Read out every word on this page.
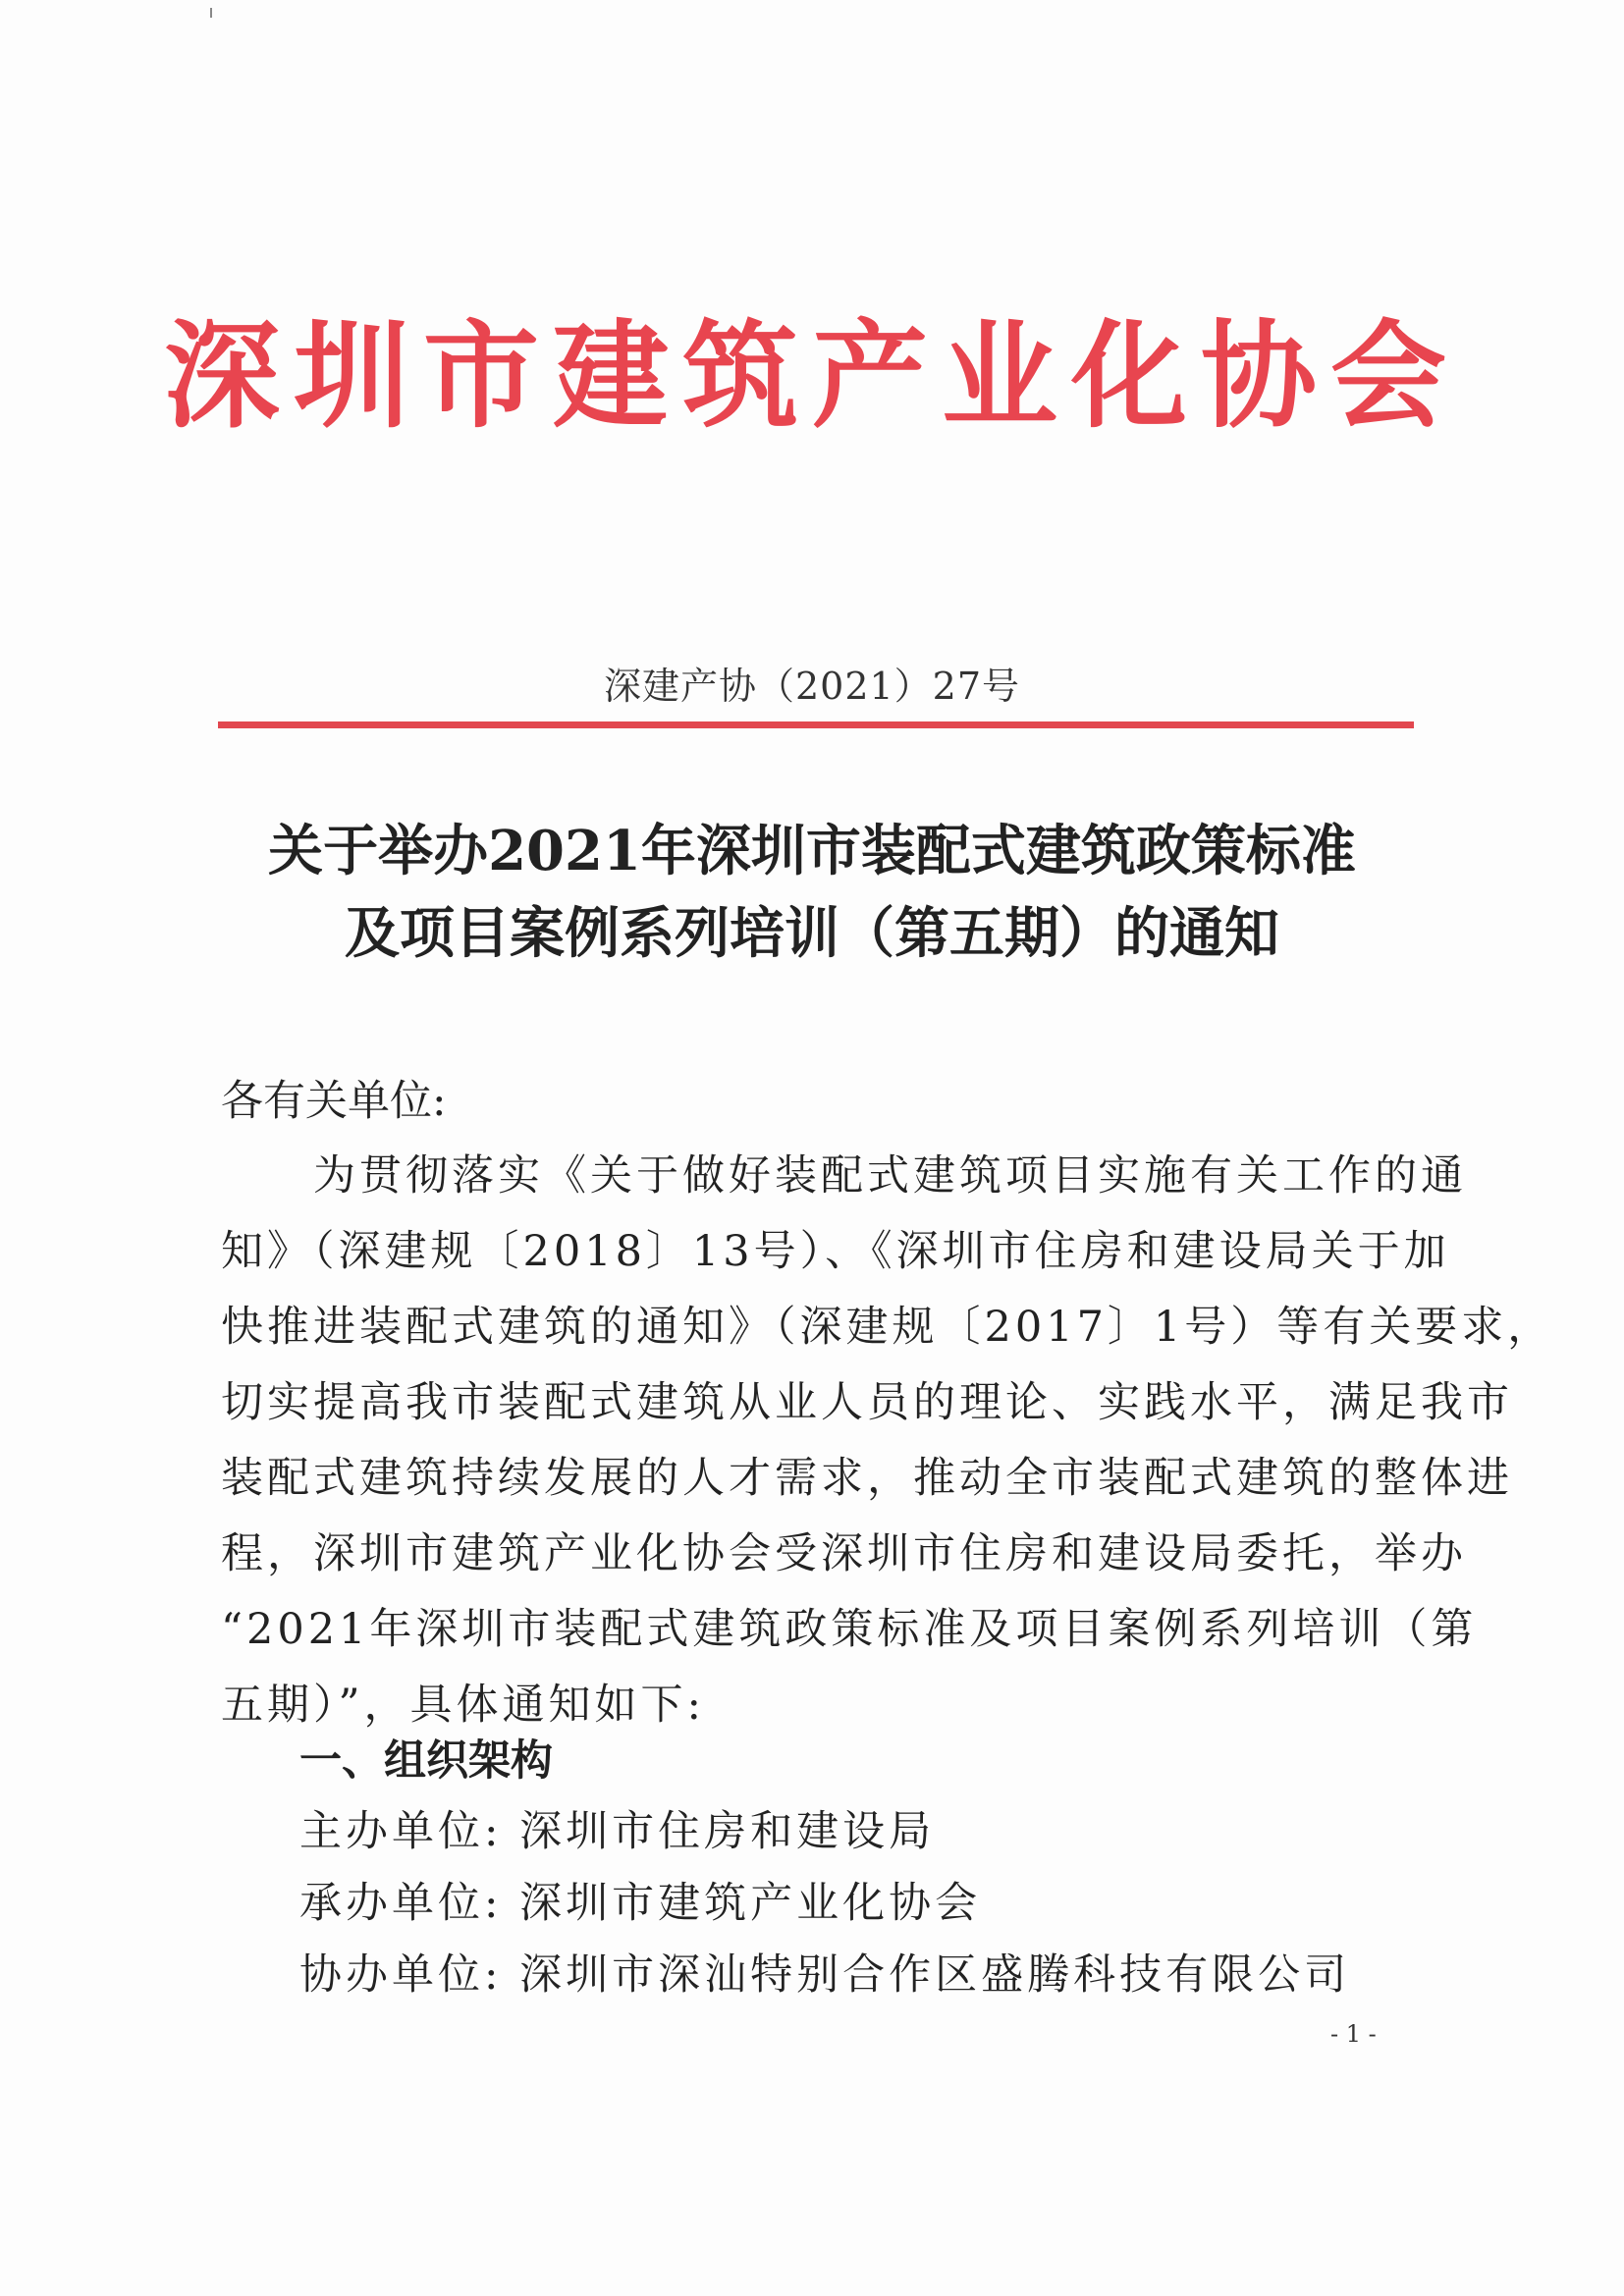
深圳市建筑产业化协会
深建产协（2021）27号
关于举办2021年深圳市装配式建筑政策标准
及项目案例系列培训（第五期）的通知
各有关单位:
　　为贯彻落实《关于做好装配式建筑项目实施有关工作的通
知》（深建规〔2018〕13号）、《深圳市住房和建设局关于加
快推进装配式建筑的通知》（深建规〔2017〕1号）等有关要求，
切实提高我市装配式建筑从业人员的理论、实践水平，满足我市
装配式建筑持续发展的人才需求，推动全市装配式建筑的整体进
程，深圳市建筑产业化协会受深圳市住房和建设局委托，举办
“2021年深圳市装配式建筑政策标准及项目案例系列培训（第
五期）”，具体通知如下:
一、组织架构
主办单位: 深圳市住房和建设局
承办单位: 深圳市建筑产业化协会
协办单位: 深圳市深汕特别合作区盛腾科技有限公司
- 1 -
